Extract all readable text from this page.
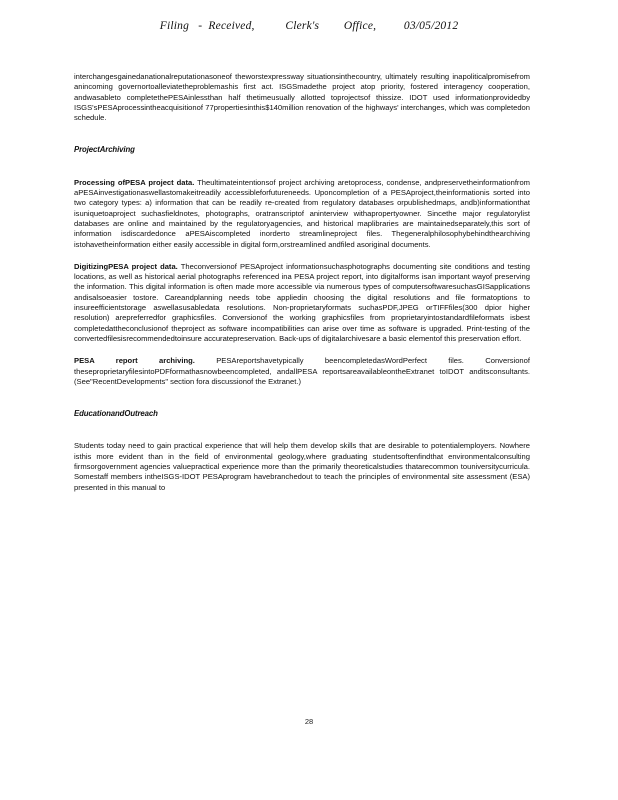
Filing   -  Received,          Clerk's        Office,         03/05/2012

interchangesgainedanationalreputationasoneof theworstexpressway situationsinthecountry, ultimately resulting inapoliticalpromisefrom anincoming governortoalleviatetheproblemashis first act. ISGSmadethe project atop priority, fostered interagency cooperation, andwasableto completethePESAinlessthan half thetimeusually allotted toprojectsof thissize. IDOT used informationprovidedby ISGS'sPESAprocessintheacquisitionof 77propertiesinthis$140million renovation of the highways' interchanges, which was completedon schedule.

ProjectArchiving

Processing ofPESA project data. Theultimateintentionsof project archiving aretoprocess, condense, andpreservetheinformationfrom aPESAinvestigationaswellastomakeitreadily accessibleforfutureneeds. Uponcompletion of a PESAproject,theinformationis sorted into two category types: a) information that can be readily re-created from regulatory databases orpublishedmaps, andb)informationthat isuniquetoaproject suchasfieldnotes, photographs, oratranscriptof aninterview withapropertyowner. Sincethe major regulatorylist databases are online and maintained by the regulatoryagencies, and historical maplibraries are maintainedseparately,this sort of information isdiscardedonce aPESAiscompleted inorderto streamlineproject files. Thegeneralphilosophybehindthearchiving istohavetheinformation either easily accessible in digital form,orstreamlined andfiled asoriginal documents.

DigitizingPESA project data. Theconversionof PESAproject informationsuchasphotographs documenting site conditions and testing locations, as well as historical aerial photographs referenced ina PESA project report, into digitalforms isan important wayof preserving the information. This digital information is often made more accessible via numerous types of computersoftwaresuchasGISapplications andisalsoeasier tostore. Careandplanning needs tobe appliedin choosing the digital resolutions and file formatoptions to insureefficientstorage aswellasusabledata resolutions. Non-proprietaryformats suchasPDF,JPEG orTIFFfiles(300 dpior higher resolution) arepreferredfor graphicsfiles. Conversionof the working graphicsfiles from proprietaryintostandardfileformats isbest completedattheconclusionof theproject as software incompatibilities can arise over time as software is upgraded. Print-testing of the convertedfilesisrecommendedtoinsure accuratepreservation. Back-ups of digitalarchivesare a basic elementof this preservation effort.

PESA report archiving. PESAreportshavetypically beencompletedasWordPerfect files. Conversionof theseproprietaryfilesintoPDFformathasnowbeencompleted, andallPESA reportsareavailableontheExtranet toIDOT anditsconsultants. (See"RecentDevelopments" section fora discussionof the Extranet.)

EducationandOutreach

Students today need to gain practical experience that will help them develop skills that are desirable to potentialemployers. Nowhere isthis more evident than in the field of environmental geology,where graduating studentsoftenfindthat environmentalconsulting firmsorgovernment agencies valuepractical experience more than the primarily theoreticalstudies thatarecommon touniversitycurricula. Somestaff members intheISGS-IDOT PESAprogram havebranchedout to teach the principles of environmental site assessment (ESA) presented in this manual to

28
